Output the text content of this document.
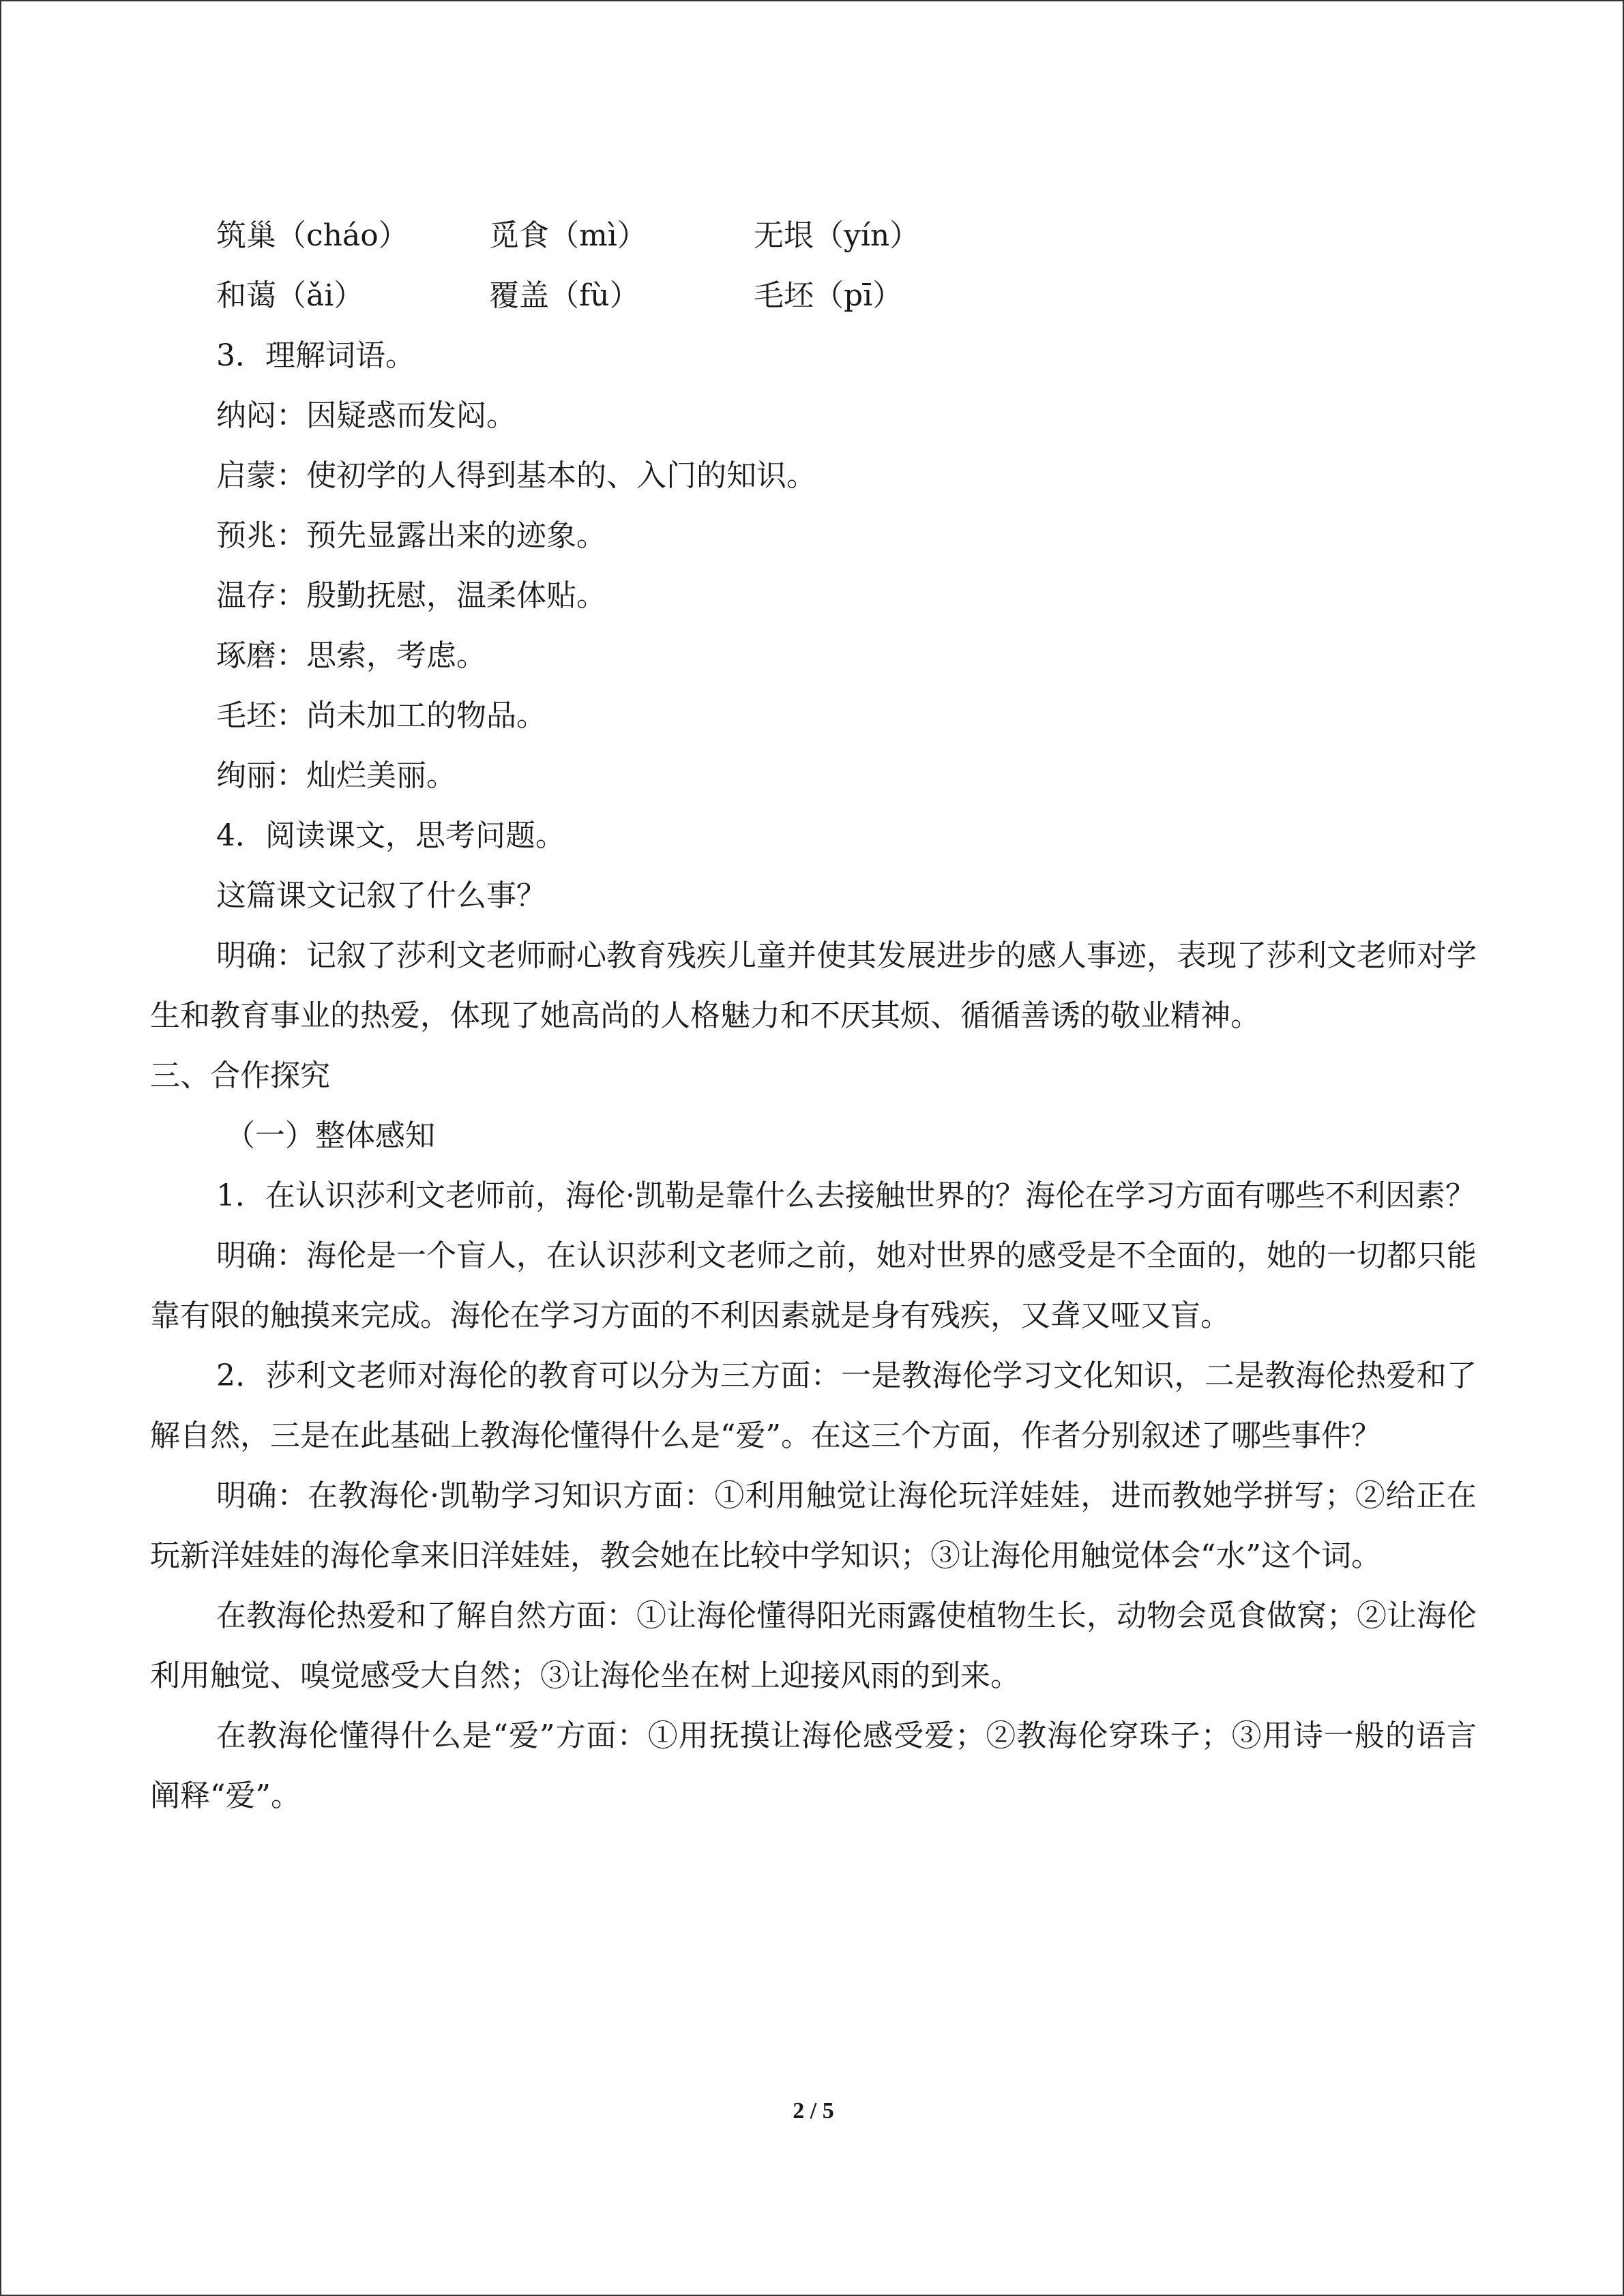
筑巢（cháo）	觅食（mì）	无垠（yín）
和蔼（ǎi）	覆盖（fù）	毛坯（pī）
3．理解词语。
纳闷：因疑惑而发闷。
启蒙：使初学的人得到基本的、入门的知识。
预兆：预先显露出来的迹象。
温存：殷勤抚慰，温柔体贴。
琢磨：思索，考虑。
毛坯：尚未加工的物品。
绚丽：灿烂美丽。
4．阅读课文，思考问题。
这篇课文记叙了什么事？
明确：记叙了莎利文老师耐心教育残疾儿童并使其发展进步的感人事迹，表现了莎利文老师对学生和教育事业的热爱，体现了她高尚的人格魅力和不厌其烦、循循善诱的敬业精神。
三、合作探究
（一）整体感知
1．在认识莎利文老师前，海伦·凯勒是靠什么去接触世界的？海伦在学习方面有哪些不利因素？
明确：海伦是一个盲人，在认识莎利文老师之前，她对世界的感受是不全面的，她的一切都只能靠有限的触摸来完成。海伦在学习方面的不利因素就是身有残疾，又聋又哑又盲。
2．莎利文老师对海伦的教育可以分为三方面：一是教海伦学习文化知识，二是教海伦热爱和了解自然，三是在此基础上教海伦懂得什么是“爱”。在这三个方面，作者分别叙述了哪些事件？
明确：在教海伦·凯勒学习知识方面：①利用触觉让海伦玩洋娃娃，进而教她学拼写；②给正在玩新洋娃娃的海伦拿来旧洋娃娃，教会她在比较中学知识；③让海伦用触觉体会“水”这个词。
在教海伦热爱和了解自然方面：①让海伦懂得阳光雨露使植物生长，动物会觅食做窝；②让海伦利用触觉、嗅觉感受大自然；③让海伦坐在树上迎接风雨的到来。
在教海伦懂得什么是“爱”方面：①用抚摸让海伦感受爱；②教海伦穿珠子；③用诗一般的语言阐释“爱”。
2 / 5
